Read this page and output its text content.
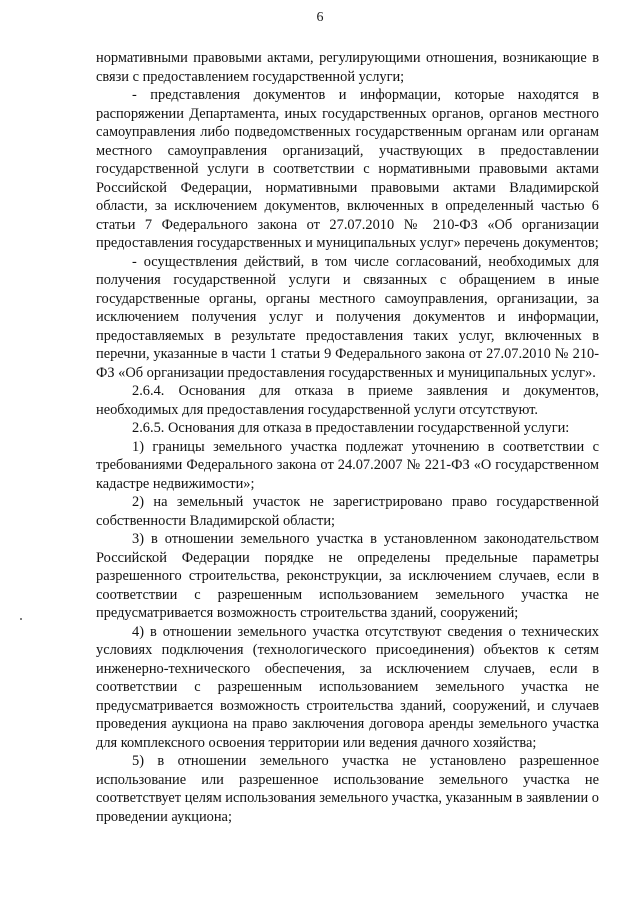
6

нормативными правовыми актами, регулирующими отношения, возникающие в связи с предоставлением государственной услуги;

- представления документов и информации, которые находятся в распоряжении Департамента, иных государственных органов, органов местного самоуправления либо подведомственных государственным органам или органам местного самоуправления организаций, участвующих в предоставлении государственной услуги в соответствии с нормативными правовыми актами Российской Федерации, нормативными правовыми актами Владимирской области, за исключением документов, включенных в определенный частью 6 статьи 7 Федерального закона от 27.07.2010 № 210-ФЗ «Об организации предоставления государственных и муниципальных услуг» перечень документов;

- осуществления действий, в том числе согласований, необходимых для получения государственной услуги и связанных с обращением в иные государственные органы, органы местного самоуправления, организации, за исключением получения услуг и получения документов и информации, предоставляемых в результате предоставления таких услуг, включенных в перечни, указанные в части 1 статьи 9 Федерального закона от 27.07.2010 № 210-ФЗ «Об организации предоставления государственных и муниципальных услуг».

2.6.4. Основания для отказа в приеме заявления и документов, необходимых для предоставления государственной услуги отсутствуют.

2.6.5. Основания для отказа в предоставлении государственной услуги:

1) границы земельного участка подлежат уточнению в соответствии с требованиями Федерального закона от 24.07.2007 № 221-ФЗ «О государственном кадастре недвижимости»;

2) на земельный участок не зарегистрировано право государственной собственности Владимирской области;

3) в отношении земельного участка в установленном законодательством Российской Федерации порядке не определены предельные параметры разрешенного строительства, реконструкции, за исключением случаев, если в соответствии с разрешенным использованием земельного участка не предусматривается возможность строительства зданий, сооружений;

4) в отношении земельного участка отсутствуют сведения о технических условиях подключения (технологического присоединения) объектов к сетям инженерно-технического обеспечения, за исключением случаев, если в соответствии с разрешенным использованием земельного участка не предусматривается возможность строительства зданий, сооружений, и случаев проведения аукциона на право заключения договора аренды земельного участка для комплексного освоения территории или ведения дачного хозяйства;

5) в отношении земельного участка не установлено разрешенное использование или разрешенное использование земельного участка не соответствует целям использования земельного участка, указанным в заявлении о проведении аукциона;
